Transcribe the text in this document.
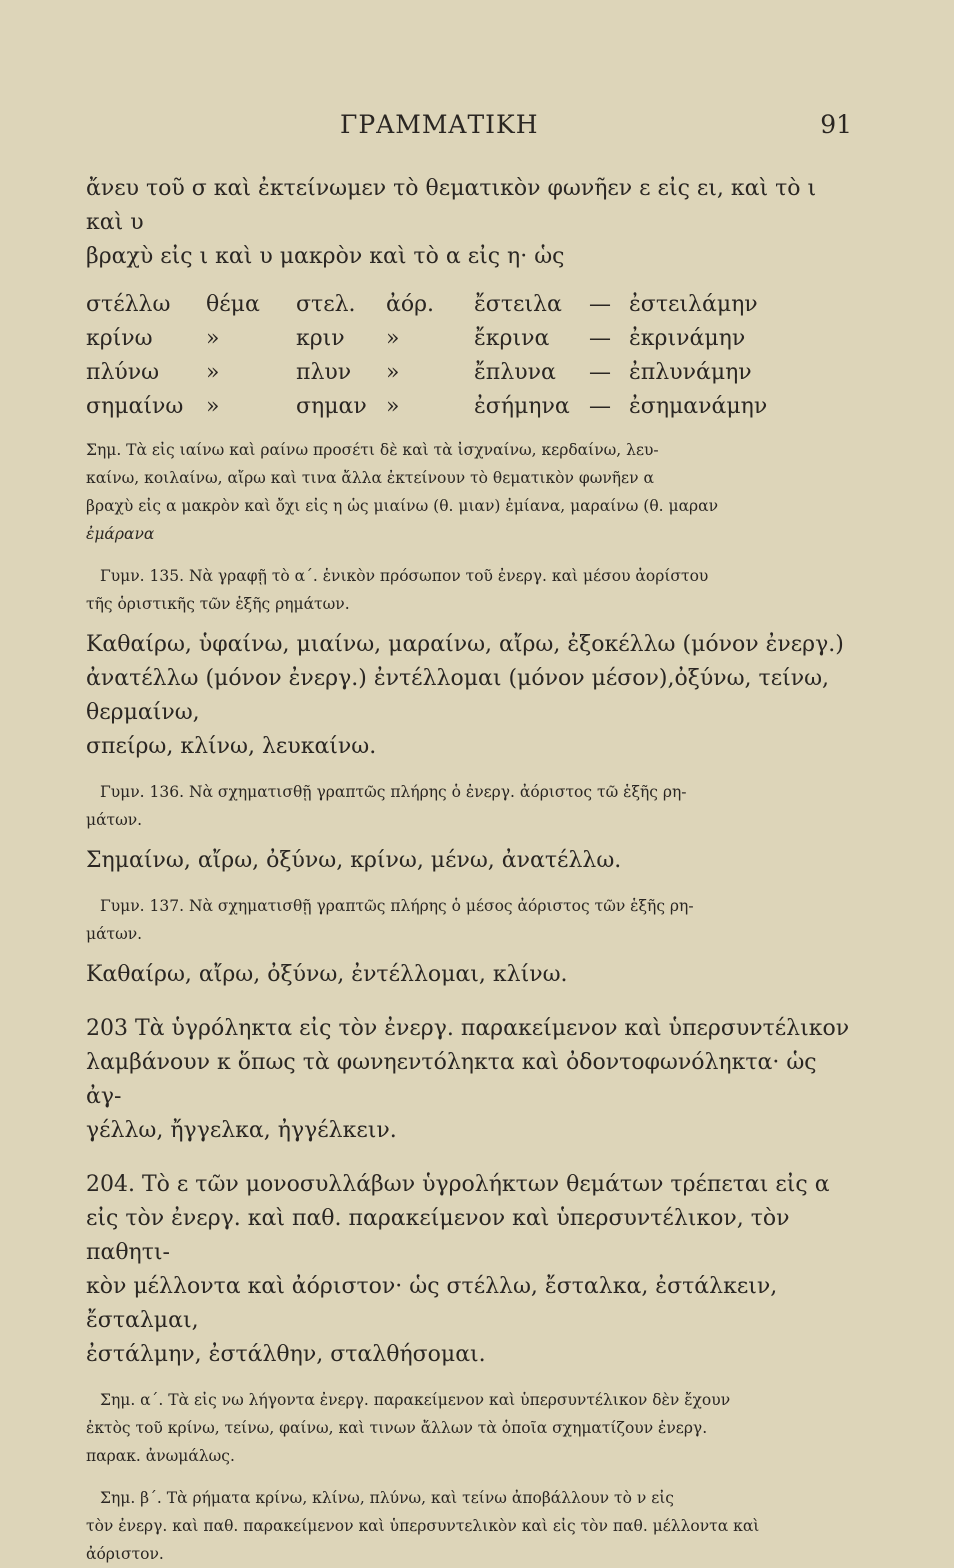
ΓΡΑΜΜΑΤΙΚΗ	91

ἄνευ τοῦ σ καὶ ἐκτείνωμεν τὸ θεματικὸν φωνῆεν ε εἰς ει, καὶ τὸ ι καὶ υ

βραχὺ εἰς ι καὶ υ μακρὸν καὶ τὸ α εἰς η· ὡς

στέλλω	θέμα	στελ.	ἀόρ.	ἔστειλα	— ἐστειλάμην
κρίνω	»	κριν	»	ἔκρινα	— ἐκρινάμην
πλύνω	»	πλυν	»	ἔπλυνα	— ἐπλυνάμην
σημαίνω	»	σημαν »	ἐσήμηνα — ἐσημανάμην

Σημ. Τὰ εἰς ιαίνω καὶ ραίνω προσέτι δὲ καὶ τὰ ἰσχναίνω, κερδαίνω, λευ-

καίνω, κοιλαίνω, αἴρω καὶ τινα ἄλλα ἐκτείνουν τὸ θεματικὸν φωνῆεν α

βραχὺ εἰς α μακρὸν καὶ ὄχι εἰς η ὡς μιαίνω (θ. μιαν) ἐμίανα, μαραίνω (θ. μαραν

ἐμάρανα

Γυμν. 135. Νὰ γραφῇ τὸ α΄. ἑνικὸν πρόσωπον τοῦ ἐνεργ. καὶ μέσου ἀορίστου

τῆς ὁριστικῆς τῶν ἑξῆς ρημάτων.

Καθαίρω, ὑφαίνω, μιαίνω, μαραίνω, αἴρω, ἐξοκέλλω (μόνον ἐνεργ.)

ἀνατέλλω (μόνον ἐνεργ.) ἐντέλλομαι (μόνον μέσον),ὀξύνω, τείνω, θερμαίνω,

σπείρω, κλίνω, λευκαίνω.

Γυμν. 136. Νὰ σχηματισθῇ γραπτῶς πλήρης ὁ ἐνεργ. ἀόριστος τῶ ἑξῆς ρη-

μάτων.

Σημαίνω, αἴρω, ὀξύνω, κρίνω, μένω, ἀνατέλλω.

Γυμν. 137. Νὰ σχηματισθῇ γραπτῶς πλήρης ὁ μέσος ἀόριστος τῶν ἑξῆς ρη-

μάτων.

Καθαίρω, αἴρω, ὀξύνω, ἐντέλλομαι, κλίνω.

203 Τὰ ὑγρόληκτα εἰς τὸν ἐνεργ. παρακείμενον καὶ ὑπερσυντέλικον

λαμβάνουν κ ὅπως τὰ φωνηεντόληκτα καὶ ὀδοντοφωνόληκτα· ὡς ἀγ-

γέλλω, ἤγγελκα, ἠγγέλκειν.

204. Τὸ ε τῶν μονοσυλλάβων ὑγρολήκτων θεμάτων τρέπεται εἰς α

εἰς τὸν ἐνεργ. καὶ παθ. παρακείμενον καὶ ὑπερσυντέλικον, τὸν παθητι-

κὸν μέλλοντα καὶ ἀόριστον· ὡς στέλλω, ἔσταλκα, ἐστάλκειν, ἔσταλμαι,

ἐστάλμην, ἐστάλθην, σταλθήσομαι.

Σημ. α΄. Τὰ εἰς νω λήγοντα ἐνεργ. παρακείμενον καὶ ὑπερσυντέλικον δὲν ἔχουν

ἐκτὸς τοῦ κρίνω, τείνω, φαίνω, καὶ τινων ἄλλων τὰ ὁποῖα σχηματίζουν ἐνεργ.

παρακ. ἀνωμάλως.

Σημ. β΄. Τὰ ρήματα κρίνω, κλίνω, πλύνω, καὶ τείνω ἀποβάλλουν τὸ ν εἰς

τὸν ἐνεργ. καὶ παθ. παρακείμενον καὶ ὑπερσυντελικὸν καὶ εἰς τὸν παθ. μέλλοντα καὶ

ἀόριστον.
